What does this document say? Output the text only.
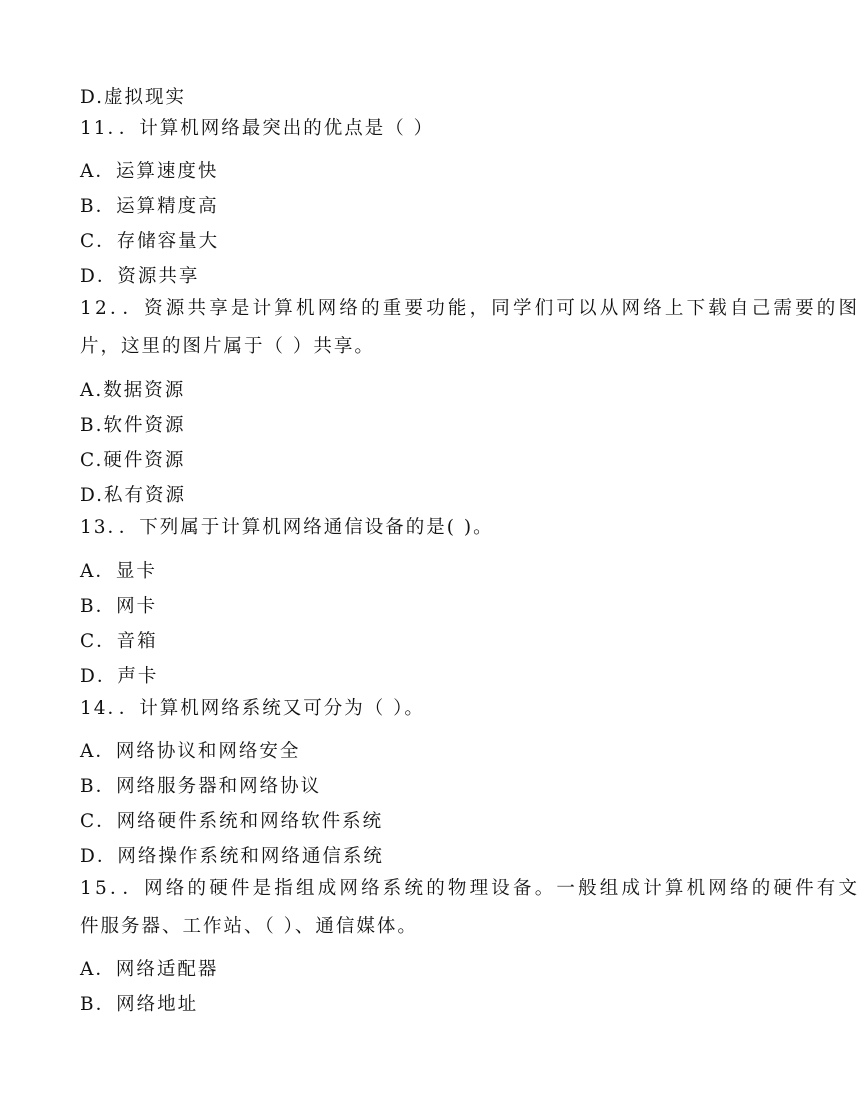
D.虚拟现实
11．．计算机网络最突出的优点是（ ）
A．运算速度快
B．运算精度高
C．存储容量大
D．资源共享
12．．资源共享是计算机网络的重要功能，同学们可以从网络上下载自己需要的图
片，这里的图片属于（ ）共享。
A.数据资源
B.软件资源
C.硬件资源
D.私有资源
13．．下列属于计算机网络通信设备的是( )。
A．显卡
B．网卡
C．音箱
D．声卡
14．．计算机网络系统又可分为（ ）。
A．网络协议和网络安全
B．网络服务器和网络协议
C．网络硬件系统和网络软件系统
D．网络操作系统和网络通信系统
15．．网络的硬件是指组成网络系统的物理设备。一般组成计算机网络的硬件有文
件服务器、工作站、（ ）、通信媒体。
A．网络适配器
B．网络地址
